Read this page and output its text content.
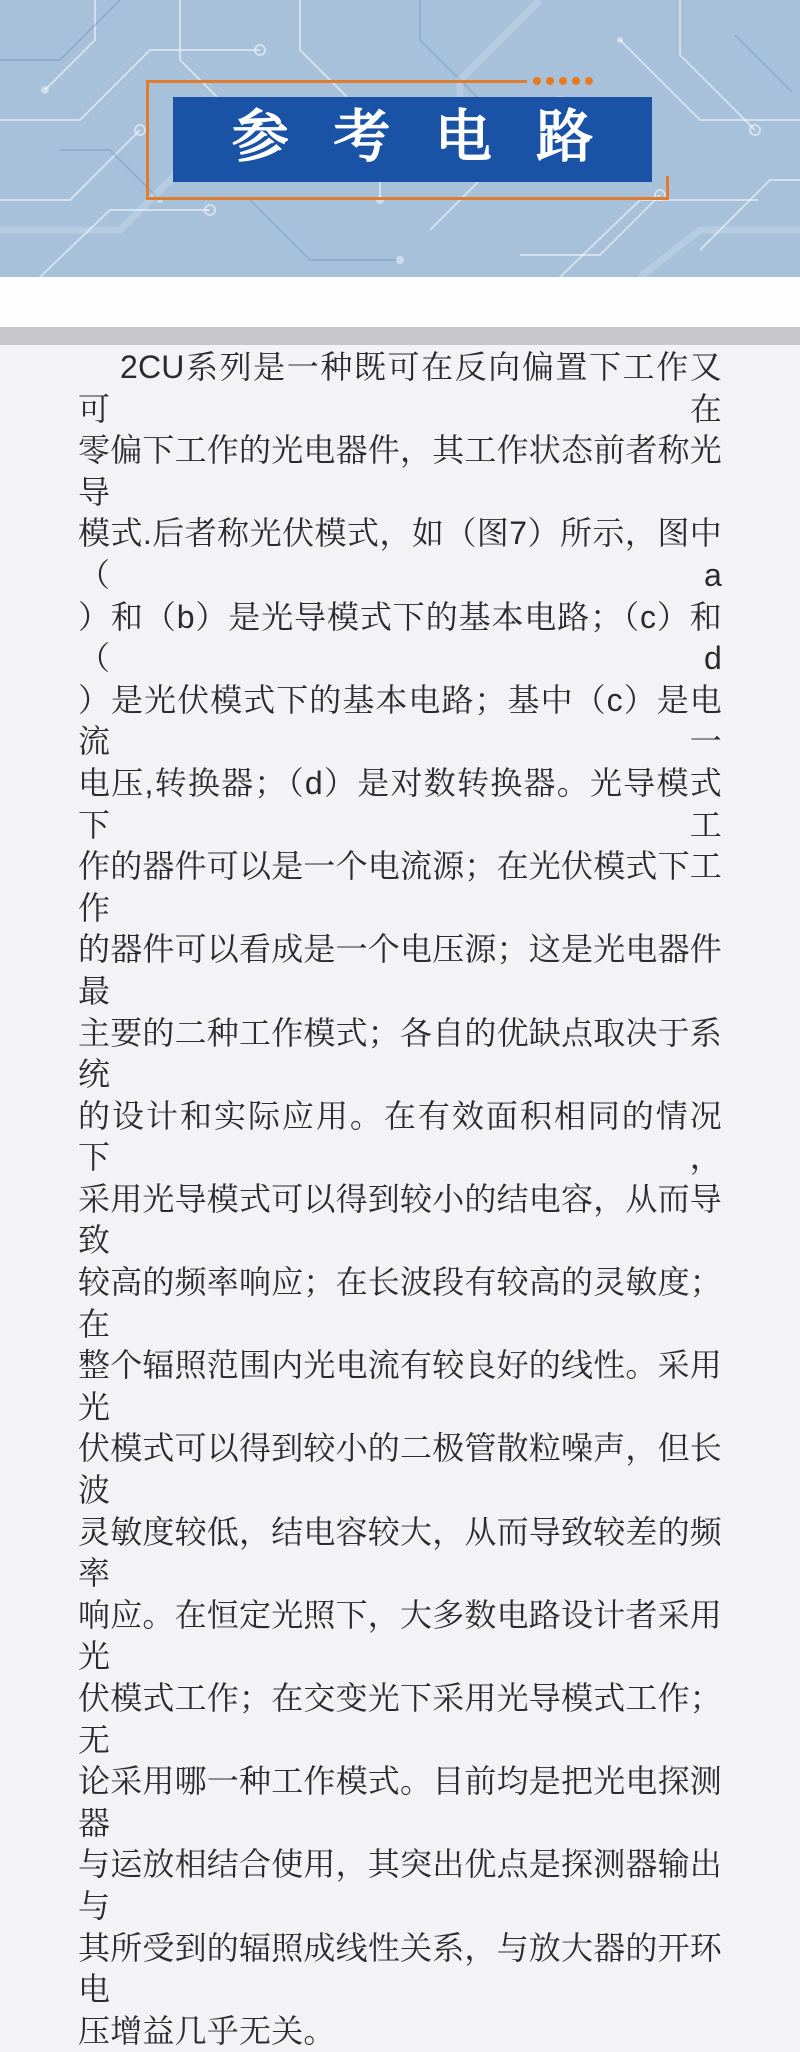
参考电路

2CU系列是一种既可在反向偏置下工作又可在

零偏下工作的光电器件，其工作状态前者称光导

模式.后者称光伏模式，如（图7）所示，图中（a

）和（b）是光导模式下的基本电路；（c）和（d

）是光伏模式下的基本电路；基中（c）是电流一

电压,转换器；（d）是对数转换器。光导模式下工

作的器件可以是一个电流源；在光伏模式下工作

的器件可以看成是一个电压源；这是光电器件最

主要的二种工作模式；各自的优缺点取决于系统

的设计和实际应用。在有效面积相同的情况下，

采用光导模式可以得到较小的结电容，从而导致

较高的频率响应；在长波段有较高的灵敏度；在

整个辐照范围内光电流有较良好的线性。采用光

伏模式可以得到较小的二极管散粒噪声，但长波

灵敏度较低，结电容较大，从而导致较差的频率

响应。在恒定光照下，大多数电路设计者采用光

伏模式工作；在交变光下采用光导模式工作；无

论采用哪一种工作模式。目前均是把光电探测器

与运放相结合使用，其突出优点是探测器输出与

其所受到的辐照成线性关系，与放大器的开环电

压增益几乎无关。
